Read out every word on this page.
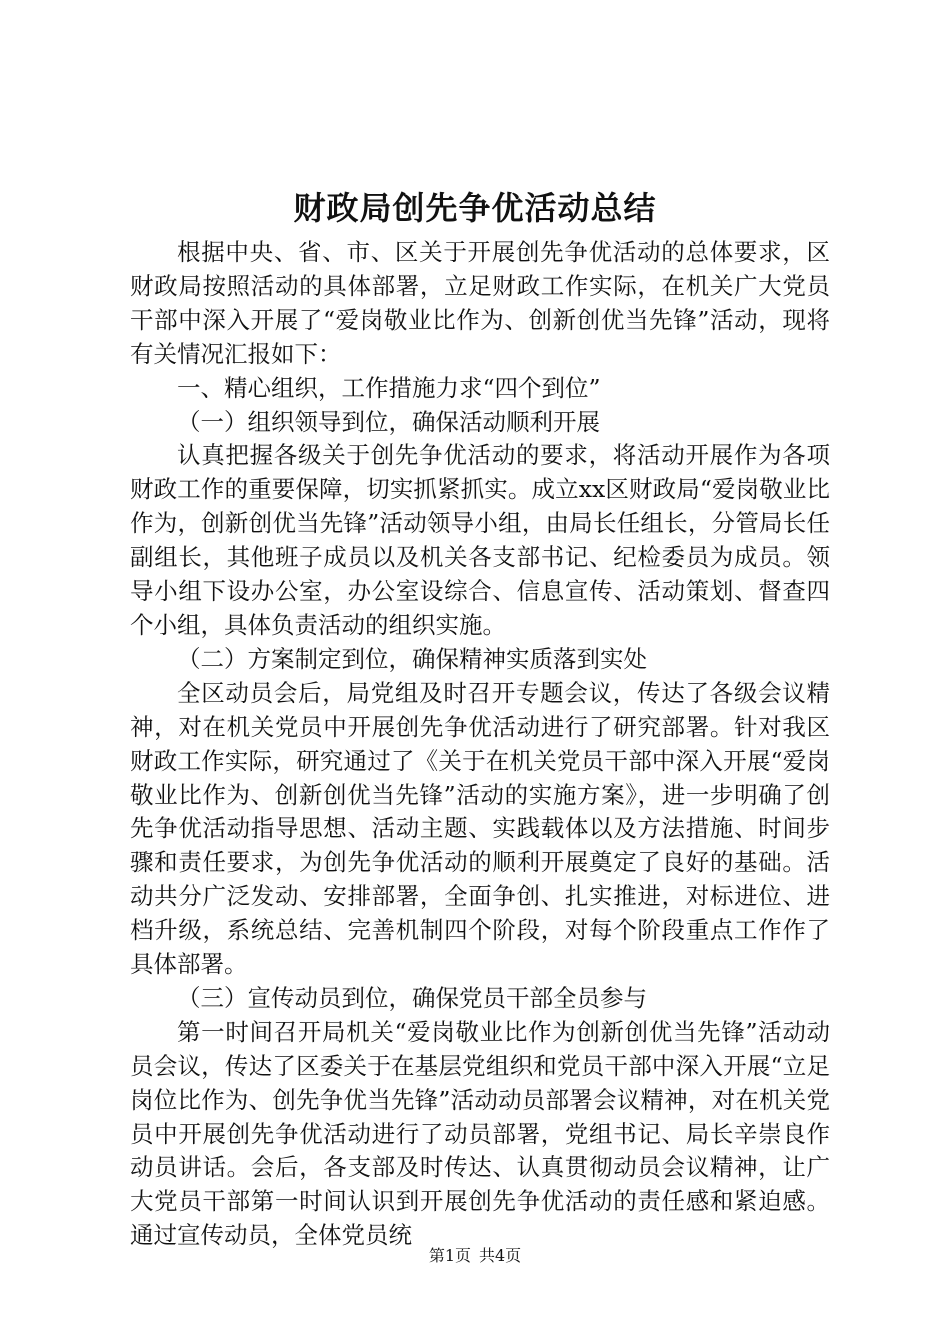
财政局创先争优活动总结

根据中央、省、市、区关于开展创先争优活动的总体要求，区财政局按照活动的具体部署，立足财政工作实际，在机关广大党员干部中深入开展了“爱岗敬业比作为、创新创优当先锋”活动，现将有关情况汇报如下：

一、精心组织，工作措施力求“四个到位”

（一）组织领导到位，确保活动顺利开展

认真把握各级关于创先争优活动的要求，将活动开展作为各项财政工作的重要保障，切实抓紧抓实。成立xx区财政局“爱岗敬业比作为，创新创优当先锋”活动领导小组，由局长任组长，分管局长任副组长，其他班子成员以及机关各支部书记、纪检委员为成员。领导小组下设办公室，办公室设综合、信息宣传、活动策划、督查四个小组，具体负责活动的组织实施。

（二）方案制定到位，确保精神实质落到实处

全区动员会后，局党组及时召开专题会议，传达了各级会议精神，对在机关党员中开展创先争优活动进行了研究部署。针对我区财政工作实际，研究通过了《关于在机关党员干部中深入开展“爱岗敬业比作为、创新创优当先锋”活动的实施方案》，进一步明确了创先争优活动指导思想、活动主题、实践载体以及方法措施、时间步骤和责任要求，为创先争优活动的顺利开展奠定了良好的基础。活动共分广泛发动、安排部署，全面争创、扎实推进，对标进位、进档升级，系统总结、完善机制四个阶段，对每个阶段重点工作作了具体部署。

（三）宣传动员到位，确保党员干部全员参与

第一时间召开局机关“爱岗敬业比作为创新创优当先锋”活动动员会议，传达了区委关于在基层党组织和党员干部中深入开展“立足岗位比作为、创先争优当先锋”活动动员部署会议精神，对在机关党员中开展创先争优活动进行了动员部署，党组书记、局长辛崇良作动员讲话。会后，各支部及时传达、认真贯彻动员会议精神，让广大党员干部第一时间认识到开展创先争优活动的责任感和紧迫感。通过宣传动员，全体党员统

第1页 共4页
